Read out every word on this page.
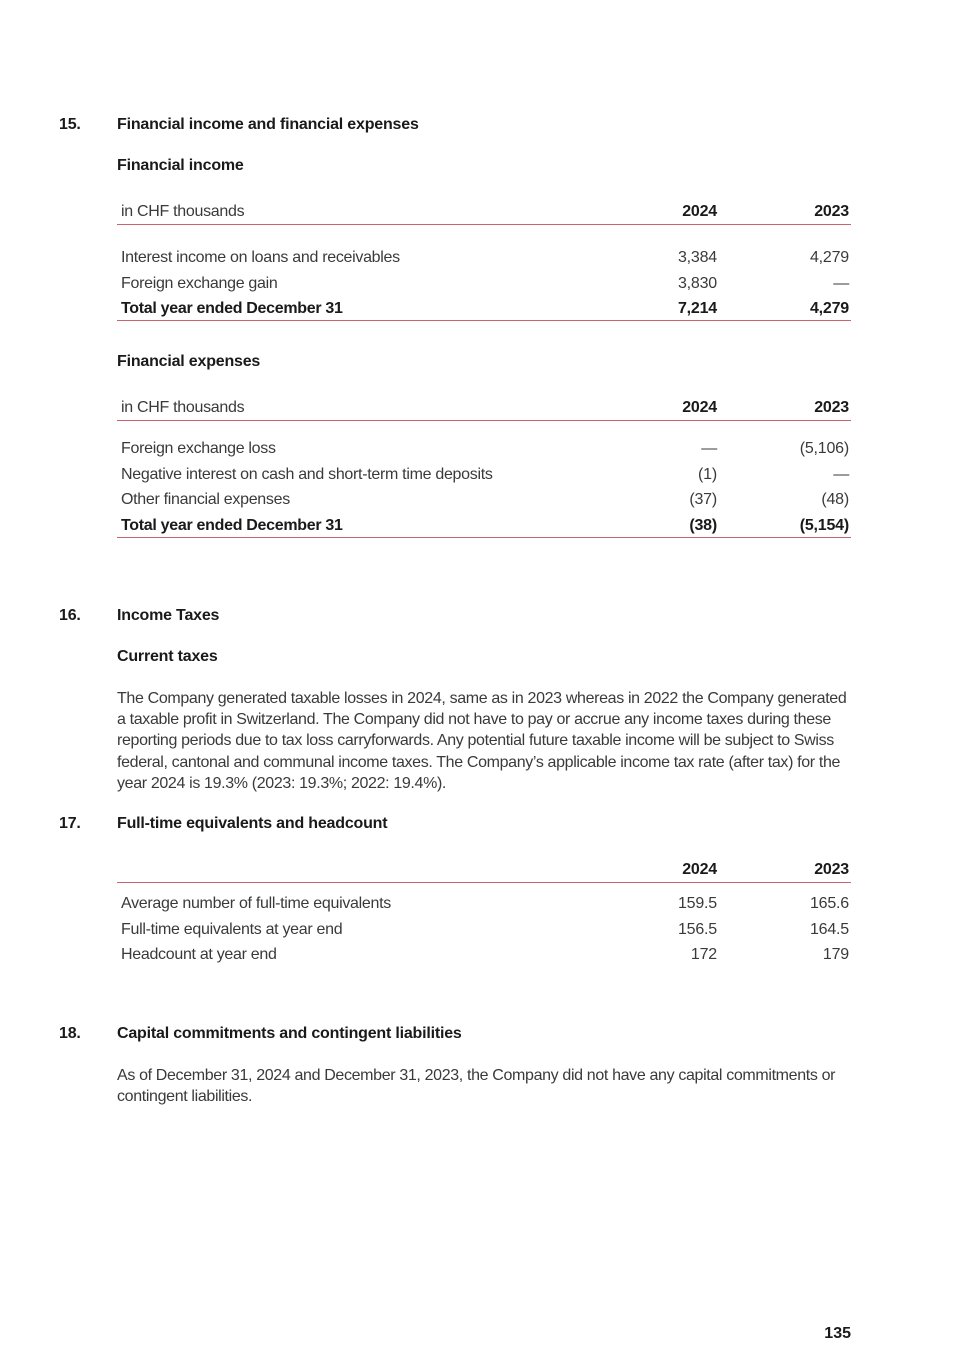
15. Financial income and financial expenses
Financial income
in CHF thousands	2024	2023
Interest income on loans and receivables	3,384	4,279
Foreign exchange gain	3,830	—
Total year ended December 31	7,214	4,279
Financial expenses
in CHF thousands	2024	2023
Foreign exchange loss	—	(5,106)
Negative interest on cash and short-term time deposits	(1)	—
Other financial expenses	(37)	(48)
Total year ended December 31	(38)	(5,154)
16. Income Taxes
Current taxes
The Company generated taxable losses in 2024, same as in 2023 whereas in 2022 the Company generated a taxable profit in Switzerland. The Company did not have to pay or accrue any income taxes during these reporting periods due to tax loss carryforwards. Any potential future taxable income will be subject to Swiss federal, cantonal and communal income taxes. The Company’s applicable income tax rate (after tax) for the year 2024 is 19.3% (2023: 19.3%; 2022: 19.4%).
17. Full-time equivalents and headcount
2024	2023
Average number of full-time equivalents	159.5	165.6
Full-time equivalents at year end	156.5	164.5
Headcount at year end	172	179
18. Capital commitments and contingent liabilities
As of December 31, 2024 and December 31, 2023, the Company did not have any capital commitments or contingent liabilities.
135
